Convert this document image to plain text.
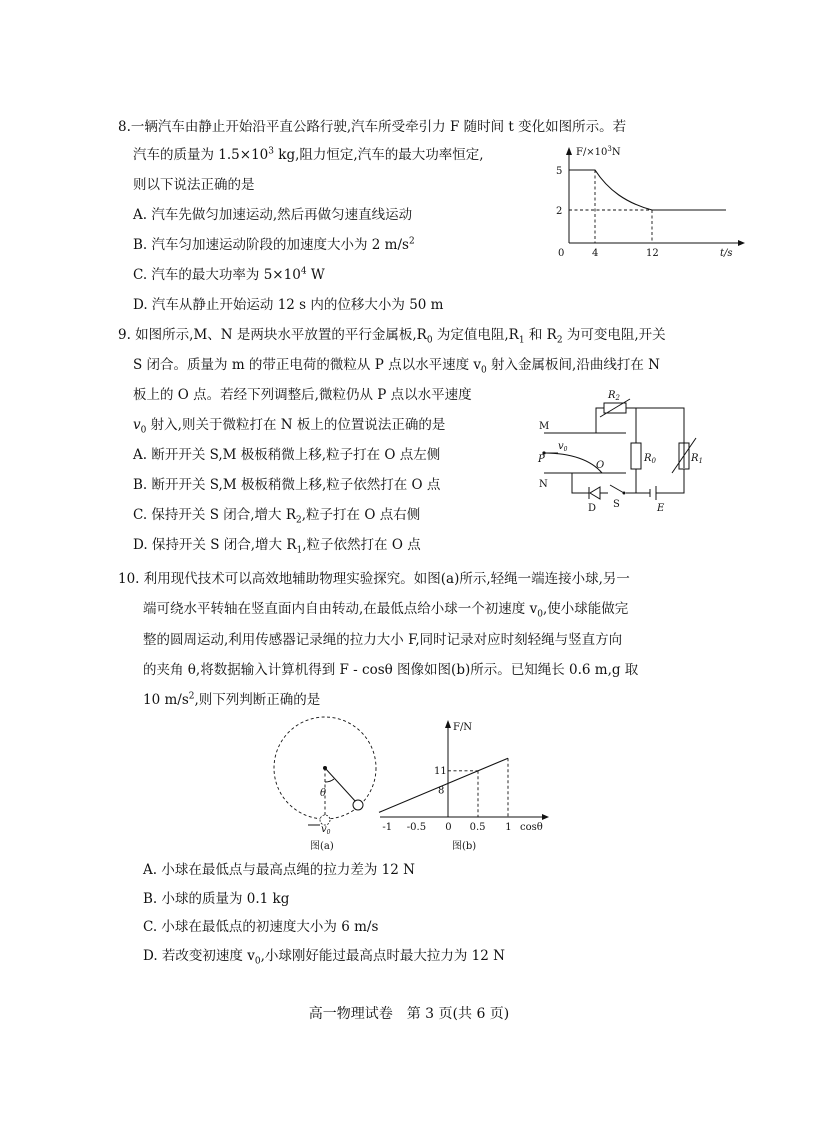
8.一辆汽车由静止开始沿平直公路行驶,汽车所受牵引力 F 随时间 t 变化如图所示。若
汽车的质量为 $1.5\times 10^3$ kg,阻力恒定,汽车的最大功率恒定,
则以下说法正确的是
A. 汽车先做匀加速运动,然后再做匀速直线运动
B. 汽车匀加速运动阶段的加速度大小为 2 $m/s^2$
C. 汽车的最大功率为 $5\times 10^4$ W
D. 汽车从静止开始运动 12 s 内的位移大小为 50 m
$F/\times 10^3N$
5
2
0	4	12	t/s
9. 如图所示,M、N 是两块水平放置的平行金属板$,R_0$ 为定值电阻$,R_1$ 和 $R_2$ 为可变电阻,开关
S 闭合。质量为 m 的带正电荷的微粒从 P 点以水平速度 $v_0$ 射入金属板间,沿曲线打在 N
板上的 O 点。若经下列调整后,微粒仍从 P 点以水平速度
$v_0$ 射入,则关于微粒打在 N 板上的位置说法正确的是
A. 断开开关 S,M 极板稍微上移,粒子打在 O 点左侧
B. 断开开关 S,M 极板稍微上移,粒子依然打在 O 点
C. 保持开关 S 闭合,增大 $R_2$,粒子打在 O 点右侧
D. 保持开关 S 闭合,增大 $R_1$,粒子依然打在 O 点
M
N
P
O
$v_0$
$R_2$
$R_0$	$R_1$
D S	E
10. 利用现代技术可以高效地辅助物理实验探究。如图(a)所示,轻绳一端连接小球,另一
端可绕水平转轴在竖直面内自由转动,在最低点给小球一个初速度 $v_0$,使小球能做完
整的圆周运动,利用传感器记录绳的拉力大小 F,同时记录对应时刻轻绳与竖直方向
的夹角 θ,将数据输入计算机得到 F - cosθ 图像如图(b)所示。已知绳长 0.6 m,g 取
10 $m/s^2$,则下列判断正确的是
θ
$v_0$
图(a)
F/N
11
8
-1 -0.5 0 0.5 1 cosθ
图(b)
A. 小球在最低点与最高点绳的拉力差为 12 N
B. 小球的质量为 0.1 kg
C. 小球在最低点的初速度大小为 6 m/s
D. 若改变初速度 $v_0$,小球刚好能过最高点时最大拉力为 12 N
高一物理试卷　第 3 页(共 6 页)
